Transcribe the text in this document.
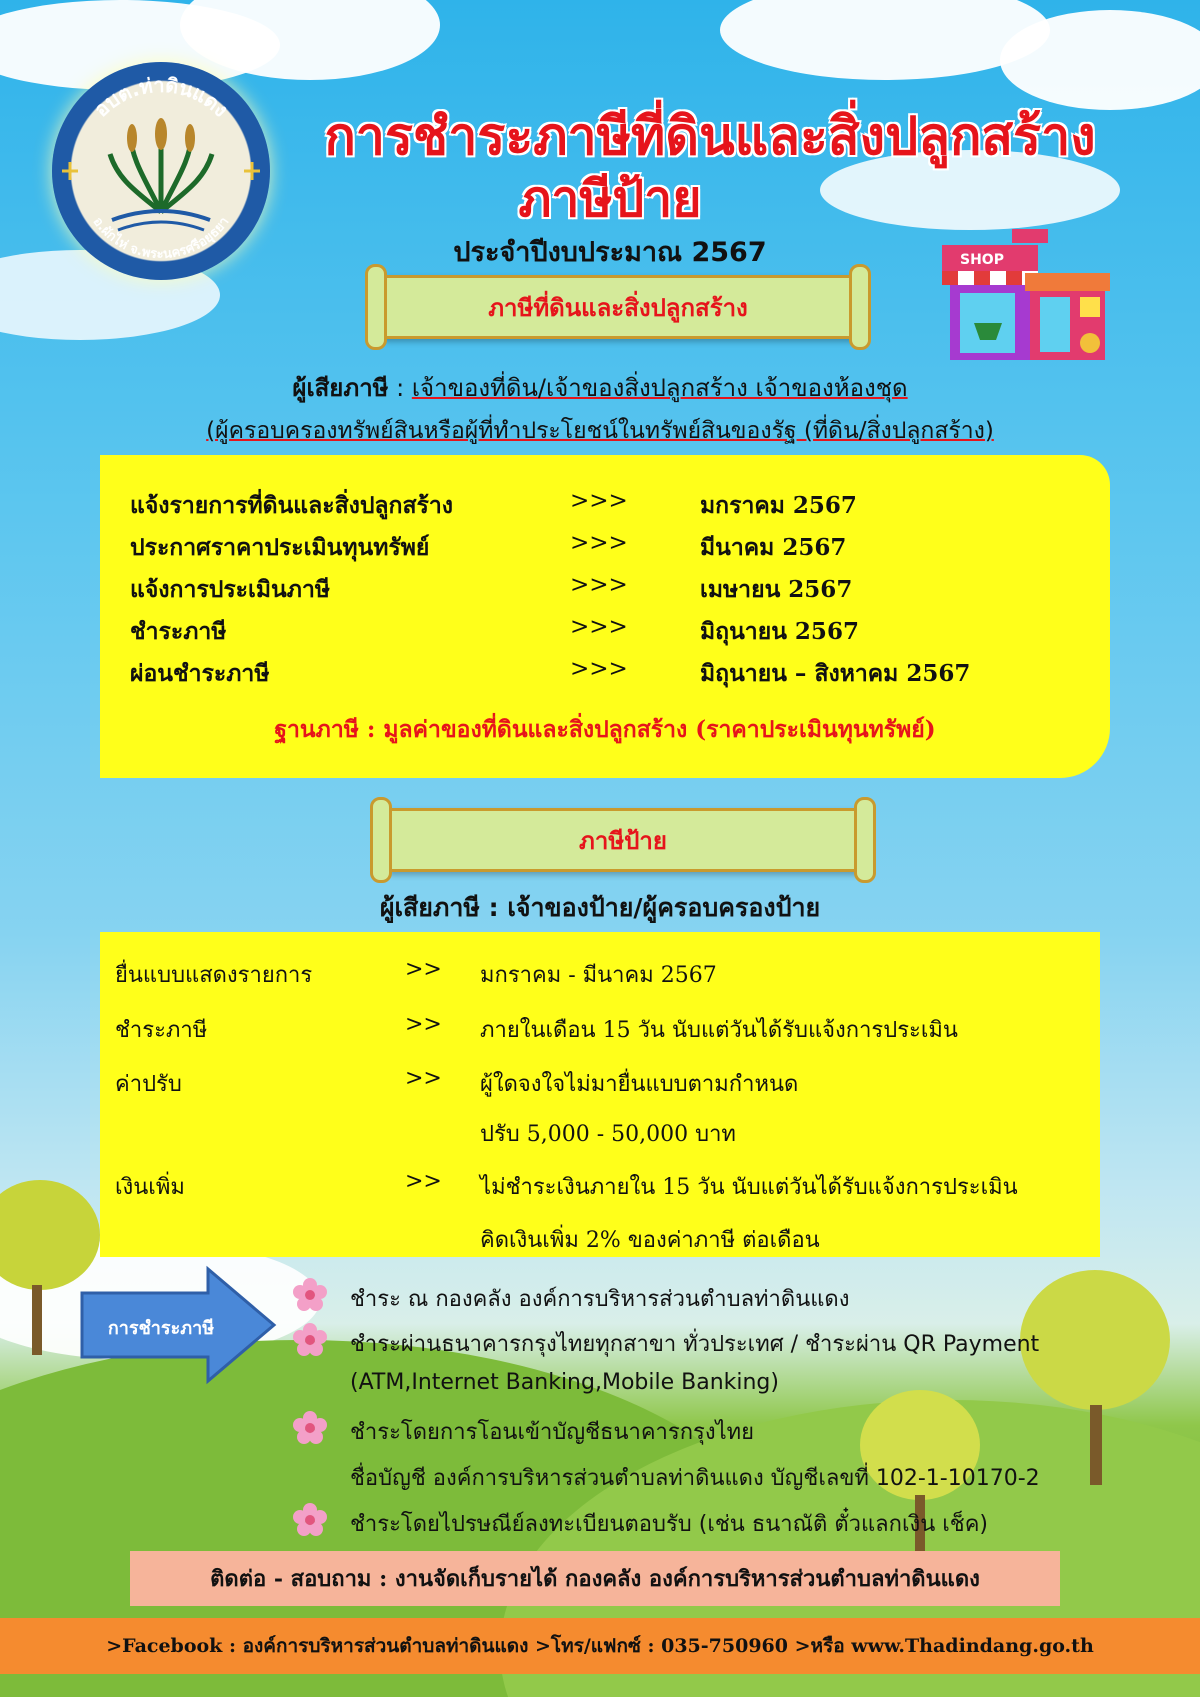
อบต.ท่าดินแดง
อ.ผักไห่ จ.พระนครศรีอยุธยา
การชำระภาษีที่ดินและสิ่งปลูกสร้าง
ภาษีป้าย
ประจำปีงบประมาณ 2567	SHOP
ภาษีที่ดินและสิ่งปลูกสร้าง
ผู้เสียภาษี : เจ้าของที่ดิน/เจ้าของสิ่งปลูกสร้าง เจ้าของห้องชุด
(ผู้ครอบครองทรัพย์สินหรือผู้ที่ทำประโยชน์ในทรัพย์สินของรัฐ (ที่ดิน/สิ่งปลูกสร้าง)
แจ้งรายการที่ดินและสิ่งปลูกสร้าง	>>>	มกราคม 2567
ประกาศราคาประเมินทุนทรัพย์	>>>	มีนาคม 2567
แจ้งการประเมินภาษี	>>>	เมษายน 2567
ชำระภาษี	>>>	มิถุนายน 2567
ผ่อนชำระภาษี	>>>	มิถุนายน – สิงหาคม 2567
ฐานภาษี : มูลค่าของที่ดินและสิ่งปลูกสร้าง (ราคาประเมินทุนทรัพย์)
ภาษีป้าย
ผู้เสียภาษี : เจ้าของป้าย/ผู้ครอบครองป้าย
ยื่นแบบแสดงรายการ	>>	มกราคม - มีนาคม 2567
ชำระภาษี	>>	ภายในเดือน 15 วัน นับแต่วันได้รับแจ้งการประเมิน
ค่าปรับ	>>	ผู้ใดจงใจไม่มายื่นแบบตามกำหนด
ปรับ 5,000 - 50,000 บาท
เงินเพิ่ม	>>	ไม่ชำระเงินภายใน 15 วัน นับแต่วันได้รับแจ้งการประเมิน
คิดเงินเพิ่ม 2% ของค่าภาษี ต่อเดือน
การชำระภาษี
ชำระ ณ กองคลัง องค์การบริหารส่วนตำบลท่าดินแดง
ชำระผ่านธนาคารกรุงไทยทุกสาขา ทั่วประเทศ / ชำระผ่าน QR Payment
(ATM,Internet Banking,Mobile Banking)
ชำระโดยการโอนเข้าบัญชีธนาคารกรุงไทย
ชื่อบัญชี องค์การบริหารส่วนตำบลท่าดินแดง บัญชีเลขที่ 102-1-10170-2
ชำระโดยไปรษณีย์ลงทะเบียนตอบรับ (เช่น ธนาณัติ ตั๋วแลกเงิน เช็ค)
ติดต่อ - สอบถาม : งานจัดเก็บรายได้ กองคลัง องค์การบริหารส่วนตำบลท่าดินแดง
>Facebook : องค์การบริหารส่วนตำบลท่าดินแดง >โทร/แฟกซ์ : 035-750960 >หรือ www.Thadindang.go.th
